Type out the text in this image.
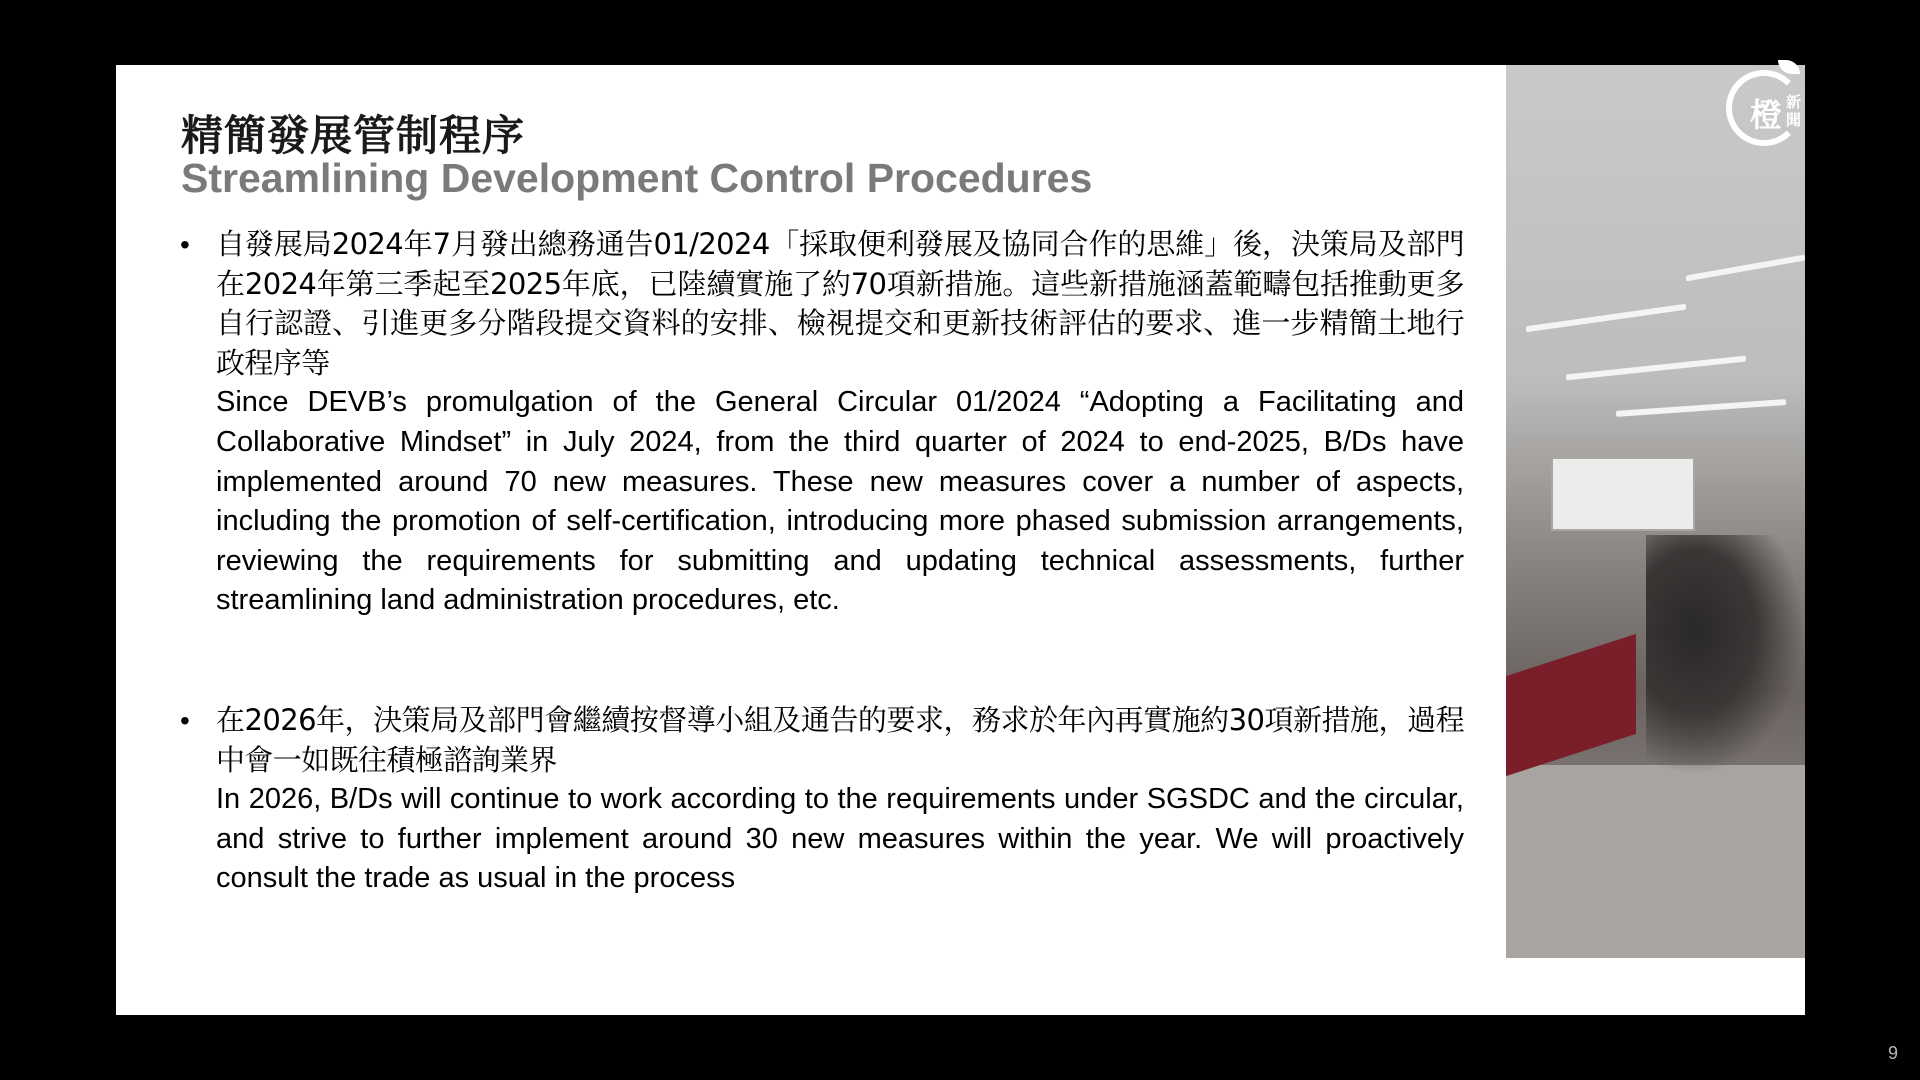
精簡發展管制程序
Streamlining Development Control Procedures
• 自發展局2024年7月發出總務通告01/2024「採取便利發展及協同合作的思維」後，決策局及部門在2024年第三季起至2025年底，已陸續實施了約70項新措施。這些新措施涵蓋範疇包括推動更多自行認證、引進更多分階段提交資料的安排、檢視提交和更新技術評估的要求、進一步精簡土地行政程序等

Since DEVB’s promulgation of the General Circular 01/2024 “Adopting a Facilitating and Collaborative Mindset” in July 2024, from the third quarter of 2024 to end-2025, B/Ds have implemented around 70 new measures. These new measures cover a number of aspects, including the promotion of self-certification, introducing more phased submission arrangements, reviewing the requirements for submitting and updating technical assessments, further streamlining land administration procedures, etc.

• 在2026年，決策局及部門會繼續按督導小組及通告的要求，務求於年內再實施約30項新措施，過程中會一如既往積極諮詢業界

In 2026, B/Ds will continue to work according to the requirements under SGSDC and the circular, and strive to further implement around 30 new measures within the year. We will proactively consult the trade as usual in the process

9
橙 新
聞
